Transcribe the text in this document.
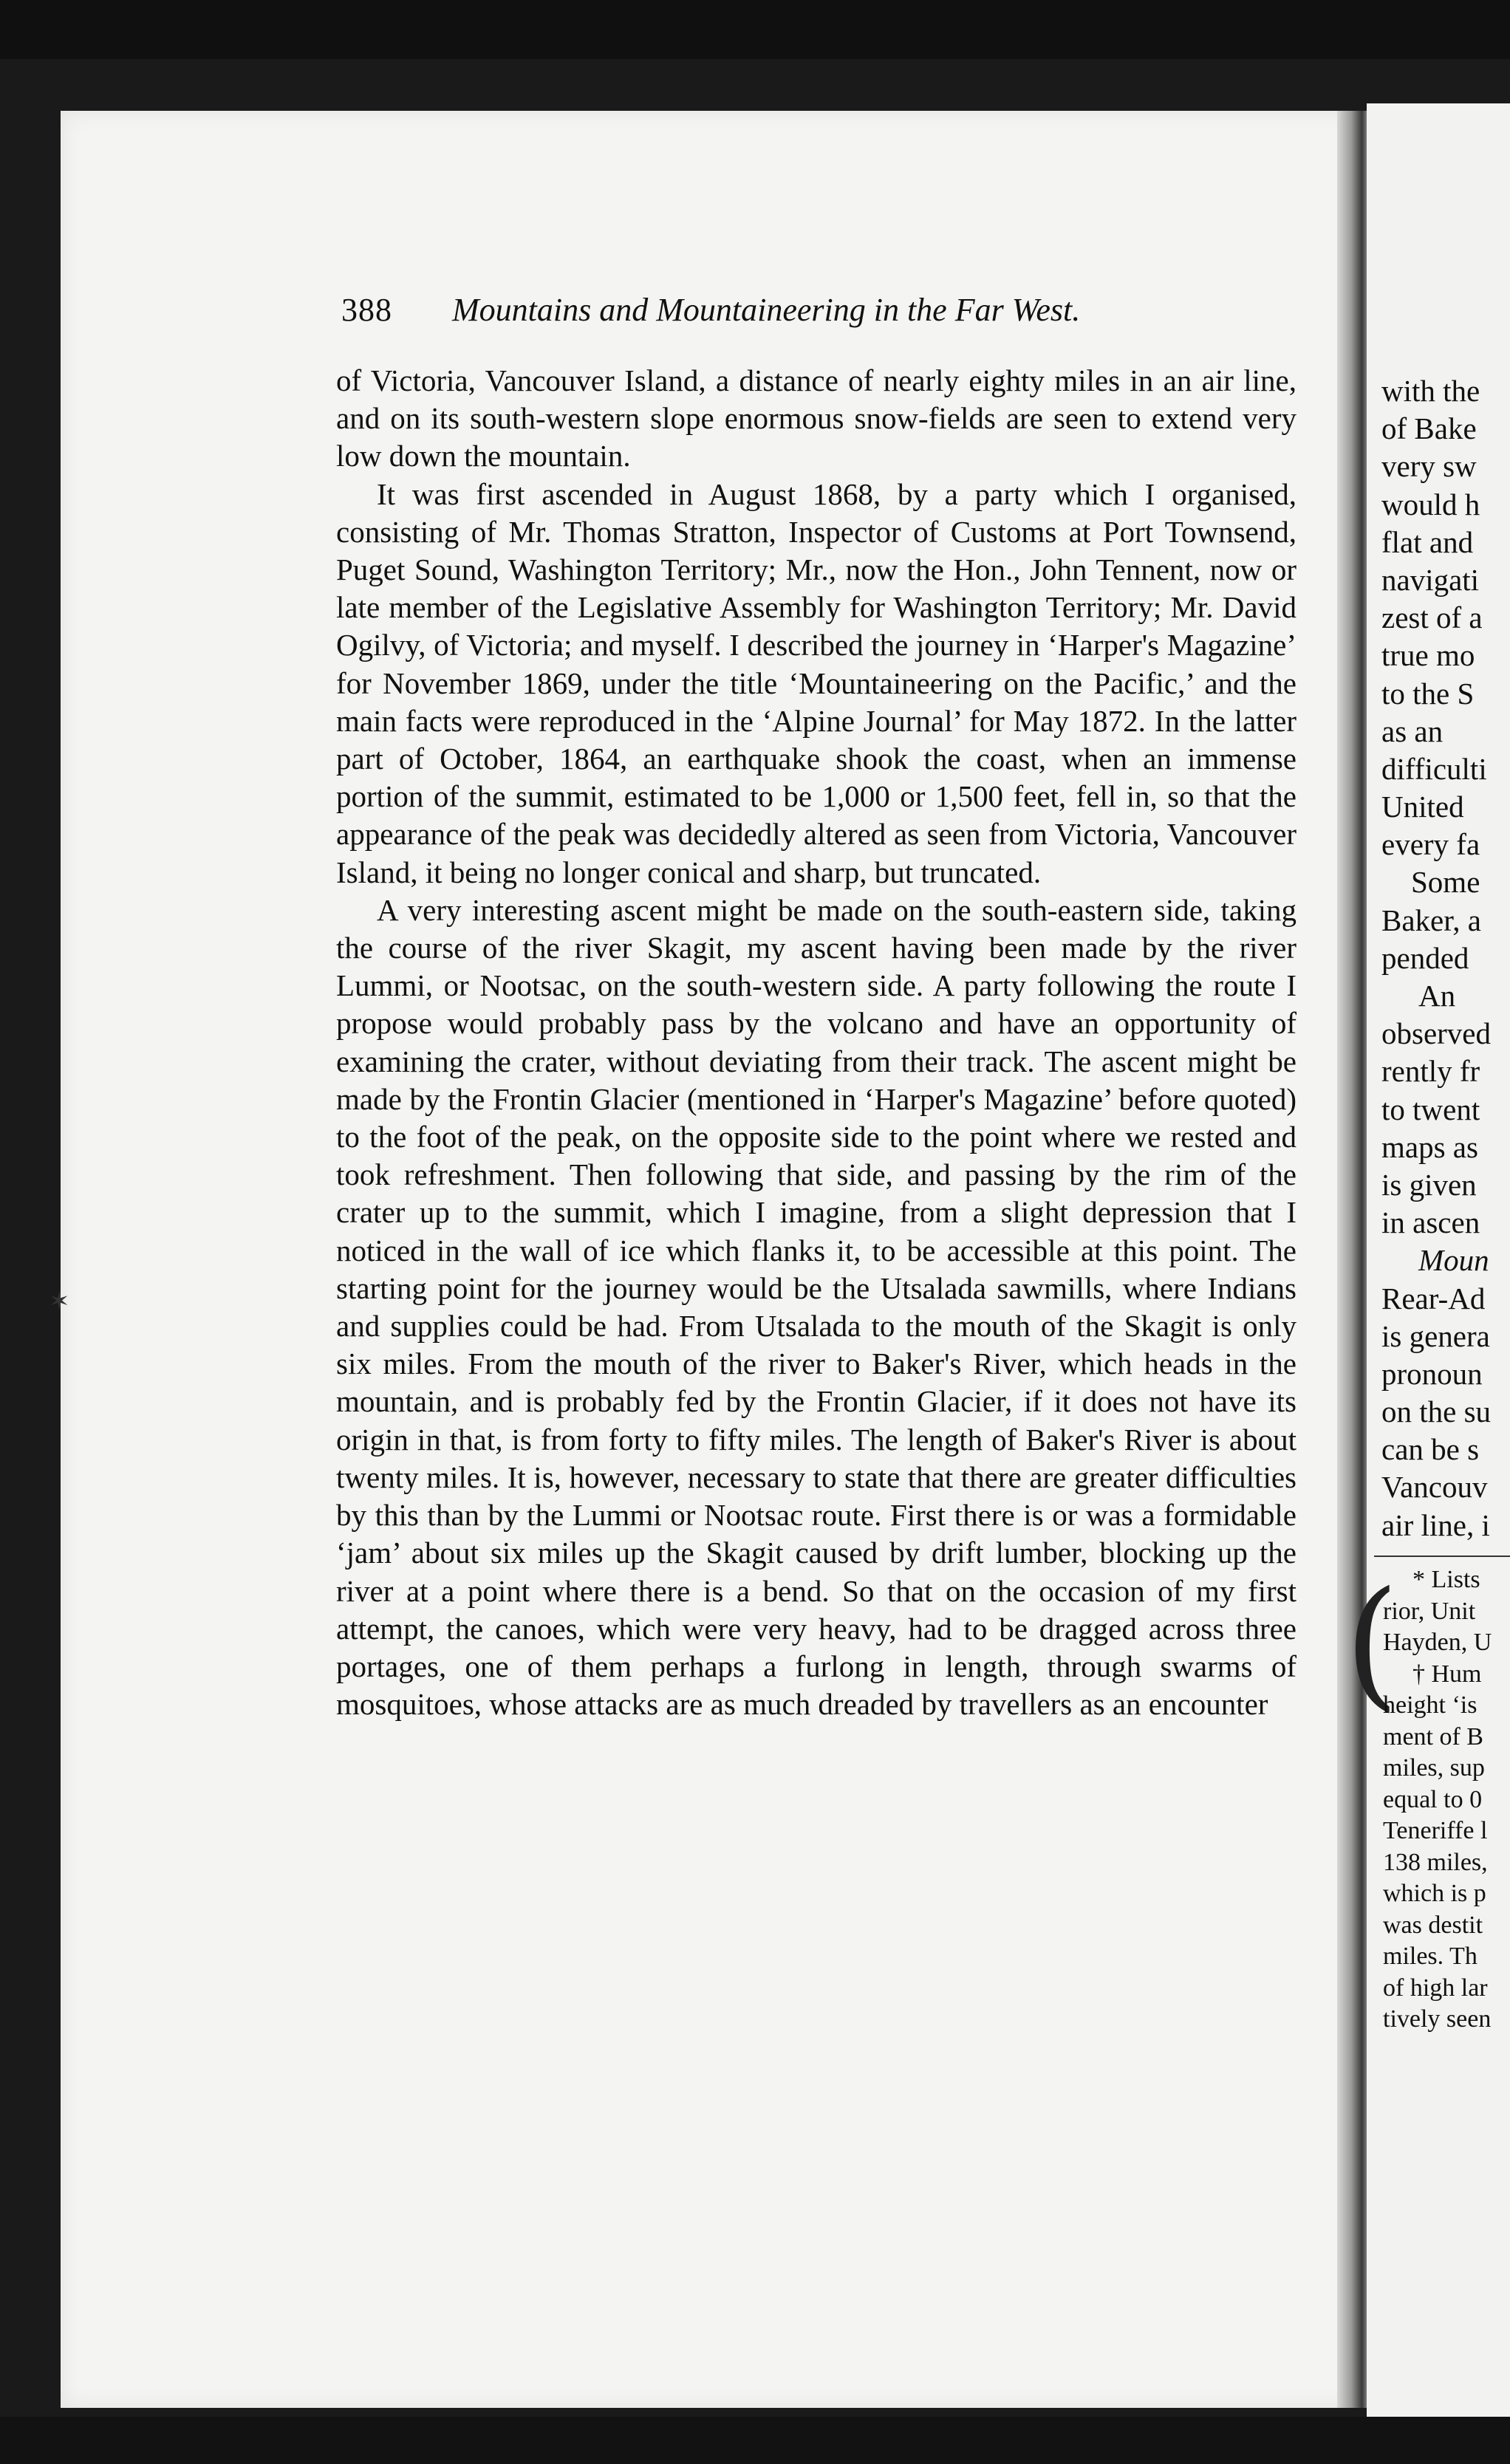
✶
388 Mountains and Mountaineering in the Far West.

of Victoria, Vancouver Island, a distance of nearly eighty miles in an air line, and on its south-western slope enormous snow-fields are seen to extend very low down the mountain.

It was first ascended in August 1868, by a party which I organised, consisting of Mr. Thomas Stratton, Inspector of Customs at Port Townsend, Puget Sound, Washington Territory; Mr., now the Hon., John Tennent, now or late member of the Legislative Assembly for Washington Territory; Mr. David Ogilvy, of Victoria; and myself. I described the journey in ‘Harper's Magazine’ for November 1869, under the title ‘Mountaineering on the Pacific,’ and the main facts were reproduced in the ‘Alpine Journal’ for May 1872. In the latter part of October, 1864, an earthquake shook the coast, when an immense portion of the summit, estimated to be 1,000 or 1,500 feet, fell in, so that the appearance of the peak was decidedly altered as seen from Victoria, Vancouver Island, it being no longer conical and sharp, but truncated.

A very interesting ascent might be made on the south-eastern side, taking the course of the river Skagit, my ascent having been made by the river Lummi, or Nootsac, on the south-western side. A party following the route I propose would probably pass by the volcano and have an opportunity of examining the crater, without deviating from their track. The ascent might be made by the Frontin Glacier (mentioned in ‘Harper's Magazine’ before quoted) to the foot of the peak, on the opposite side to the point where we rested and took refreshment. Then following that side, and passing by the rim of the crater up to the summit, which I imagine, from a slight depression that I noticed in the wall of ice which flanks it, to be accessible at this point. The starting point for the journey would be the Utsalada sawmills, where Indians and supplies could be had. From Utsalada to the mouth of the Skagit is only six miles. From the mouth of the river to Baker's River, which heads in the mountain, and is probably fed by the Frontin Glacier, if it does not have its origin in that, is from forty to fifty miles. The length of Baker's River is about twenty miles. It is, however, necessary to state that there are greater difficulties by this than by the Lummi or Nootsac route. First there is or was a formidable ‘jam’ about six miles up the Skagit caused by drift lumber, blocking up the river at a point where there is a bend. So that on the occasion of my first attempt, the canoes, which were very heavy, had to be dragged across three portages, one of them perhaps a furlong in length, through swarms of mosquitoes, whose attacks are as much dreaded by travellers as an encounter

with the
of Bake
very sw
would h
flat and
navigati
zest of a
true mo
to the S
as an
difficulti
United
every fa
Some
Baker, a
pended
An
observed
rently fr
to twent
maps as
is given
in ascen
Moun
Rear-Ad
is genera
pronoun
on the su
can be s
Vancouv
air line, i
( * Lists
rior, Unit
Hayden, U
† Hum
height ‘is
ment of B
miles, sup
equal to 0
Teneriffe l
138 miles,
which is p
was destit
miles. Th
of high lar
tively seen
